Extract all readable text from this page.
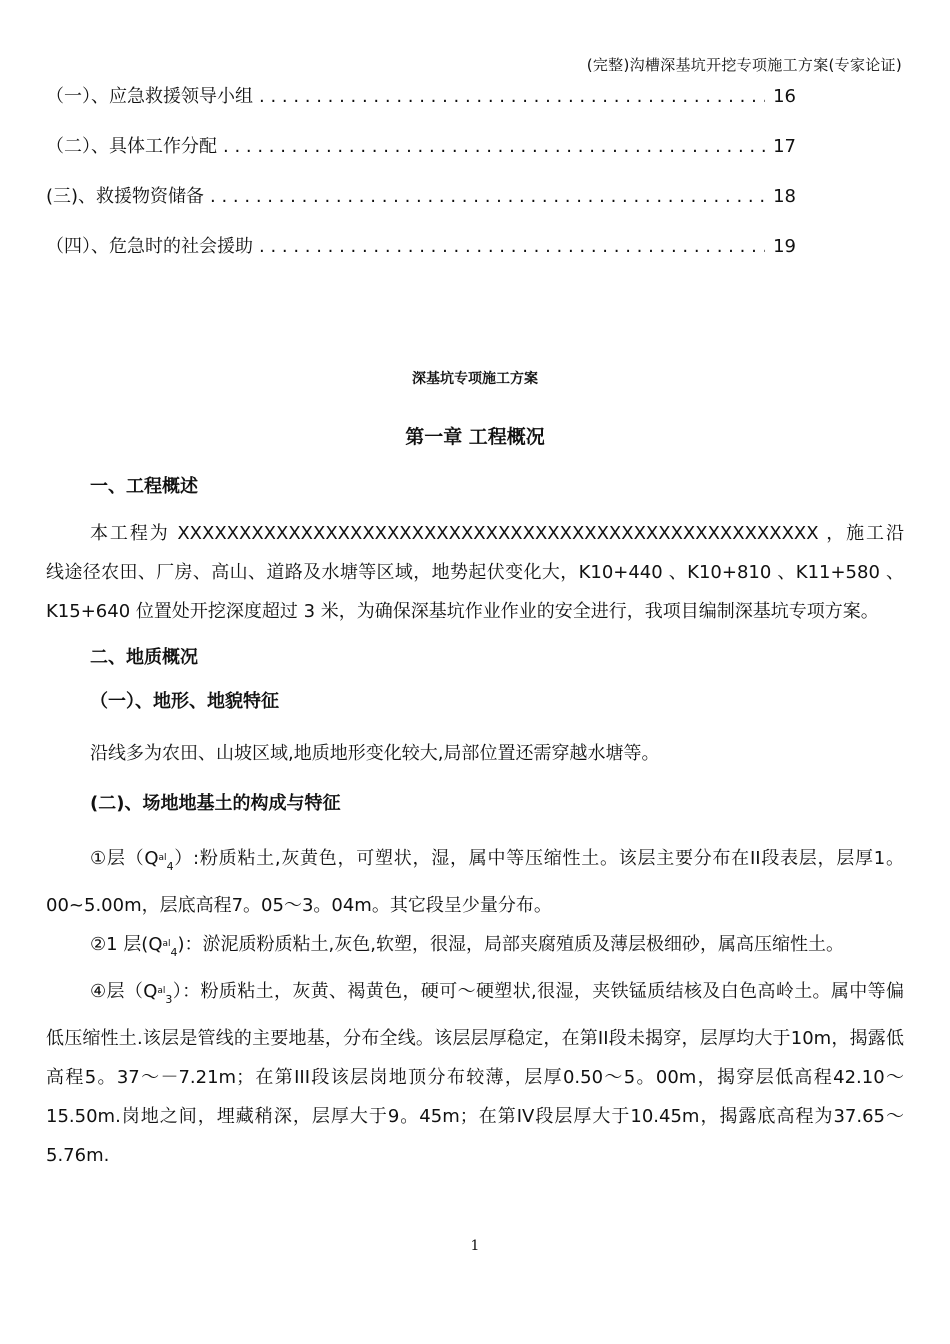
(完整)沟槽深基坑开挖专项施工方案(专家论证)
（一）、应急救援领导小组 . . .	16
（二）、具体工作分配 . . .	17
(三)、救援物资储备 . . .	18
（四）、危急时的社会援助 . . .	19
深基坑专项施工方案
第一章 工程概况
一、工程概述
本工程为 XXXXXXXXXXXXXXXXXXXXXXXXXXXXXXXXXXXXXXXXXXXXXXXXXXXX ，施工沿线途径农田、厂房、高山、道路及水塘等区域，地势起伏变化大，K10+440 、K10+810 、K11+580 、K15+640 位置处开挖深度超过 3 米，为确保深基坑作业作业的安全进行，我项目编制深基坑专项方案。
二、地质概况
（一）、地形、地貌特征
沿线多为农田、山坡区域,地质地形变化较大,局部位置还需穿越水塘等。
(二)、场地地基土的构成与特征
①层$(Q^{al}_4)$:粉质粘土,灰黄色，可塑状，湿，属中等压缩性土。该层主要分布在II段表层，层厚1。00~5.00m，层底高程7。05～3。04m。其它段呈少量分布。
②1 层$(Q^{al}_4)$：淤泥质粉质粘土,灰色,软塑，很湿，局部夹腐殖质及薄层极细砂，属高压缩性土。
④层$(Q^{al}_3)$：粉质粘土，灰黄、褐黄色，硬可～硬塑状,很湿，夹铁锰质结核及白色高岭土。属中等偏低压缩性土.该层是管线的主要地基，分布全线。该层层厚稳定，在第II段未揭穿，层厚均大于10m，揭露低高程5。37～－7.21m；在第III段该层岗地顶分布较薄，层厚0.50～5。00m，揭穿层低高程42.10～15.50m.岗地之间，埋藏稍深，层厚大于9。45m；在第IV段层厚大于10.45m，揭露底高程为37.65～5.76m.
1
